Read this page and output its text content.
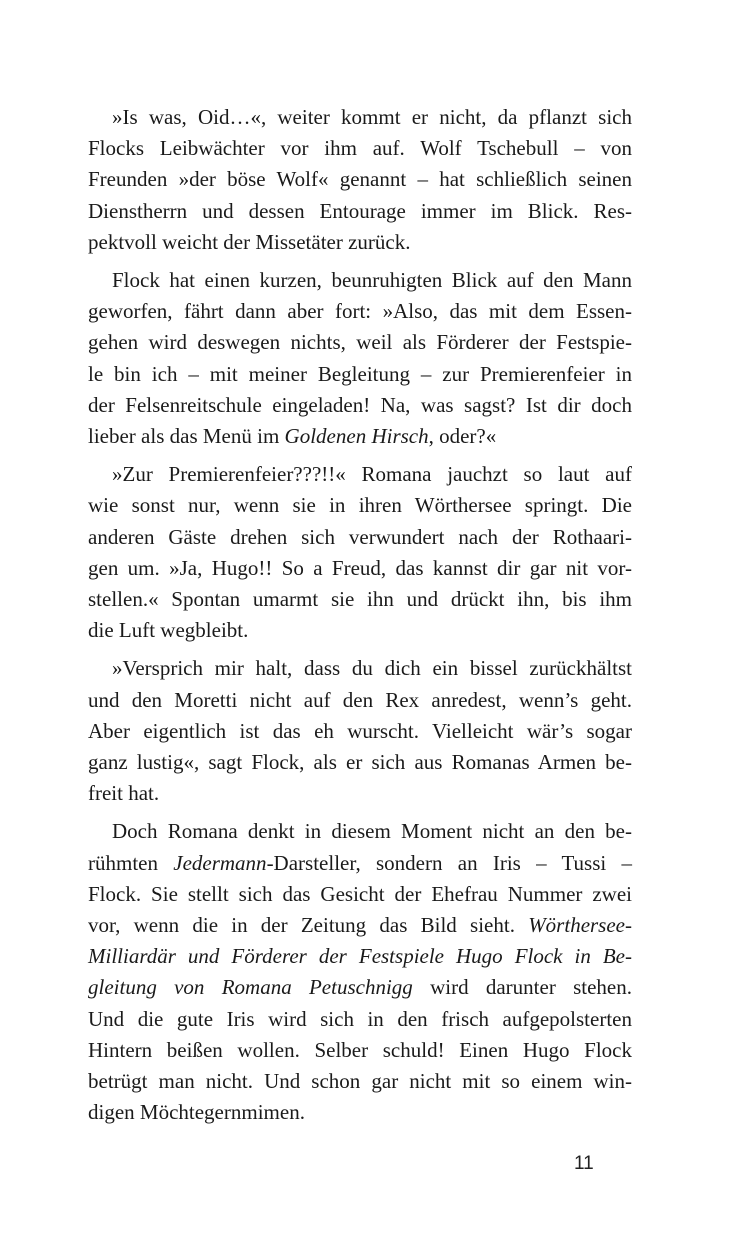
»Is was, Oid…«, weiter kommt er nicht, da pflanzt sich
Flocks Leibwächter vor ihm auf. Wolf Tschebull – von
Freunden »der böse Wolf« genannt – hat schließlich seinen
Dienstherrn und dessen Entourage immer im Blick. Res-
pektvoll weicht der Missetäter zurück.

Flock hat einen kurzen, beunruhigten Blick auf den Mann
geworfen, fährt dann aber fort: »Also, das mit dem Essen-
gehen wird deswegen nichts, weil als Förderer der Festspie-
le bin ich – mit meiner Begleitung – zur Premierenfeier in
der Felsenreitschule eingeladen! Na, was sagst? Ist dir doch
lieber als das Menü im Goldenen Hirsch, oder?«

»Zur Premierenfeier???!!« Romana jauchzt so laut auf
wie sonst nur, wenn sie in ihren Wörthersee springt. Die
anderen Gäste drehen sich verwundert nach der Rothaari-
gen um. »Ja, Hugo!! So a Freud, das kannst dir gar nit vor-
stellen.« Spontan umarmt sie ihn und drückt ihn, bis ihm
die Luft wegbleibt.

»Versprich mir halt, dass du dich ein bissel zurückhältst
und den Moretti nicht auf den Rex anredest, wenn’s geht.
Aber eigentlich ist das eh wurscht. Vielleicht wär’s sogar
ganz lustig«, sagt Flock, als er sich aus Romanas Armen be-
freit hat.

Doch Romana denkt in diesem Moment nicht an den be-
rühmten Jedermann-Darsteller, sondern an Iris – Tussi –
Flock. Sie stellt sich das Gesicht der Ehefrau Nummer zwei
vor, wenn die in der Zeitung das Bild sieht. Wörthersee-
Milliardär und Förderer der Festspiele Hugo Flock in Be-
gleitung von Romana Petuschnigg wird darunter stehen.
Und die gute Iris wird sich in den frisch aufgepolsterten
Hintern beißen wollen. Selber schuld! Einen Hugo Flock
betrügt man nicht. Und schon gar nicht mit so einem win-
digen Möchtegernmimen.

11
